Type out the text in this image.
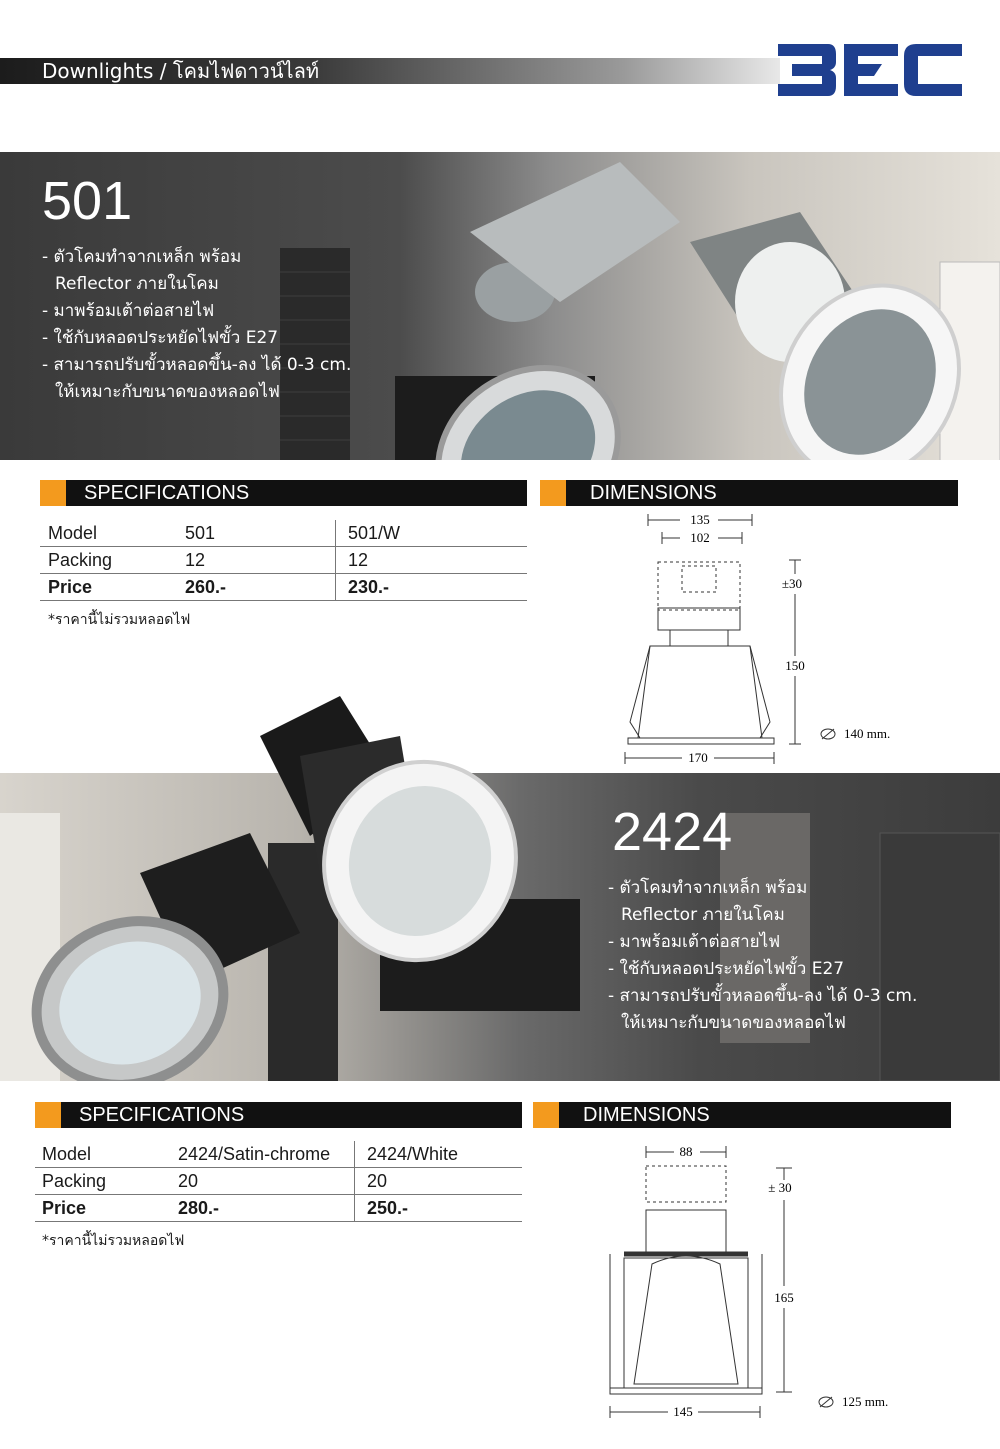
Downlights / โคมไฟดาวน์ไลท์
501
- ตัวโคมทำจากเหล็ก พร้อม
Reflector ภายในโคม
- มาพร้อมเต้าต่อสายไฟ
- ใช้กับหลอดประหยัดไฟขั้ว E27
- สามารถปรับขั้วหลอดขึ้น-ลง ได้ 0-3 cm.
ให้เหมาะกับขนาดของหลอดไฟ
SPECIFICATIONS	DIMENSIONS
Model	501	501/W
Packing	12	12
Price	260.-	230.-
*ราคานี้ไม่รวมหลอดไฟ
135
102
±30
150
170
140 mm.
2424
- ตัวโคมทำจากเหล็ก พร้อม
Reflector ภายในโคม
- มาพร้อมเต้าต่อสายไฟ
- ใช้กับหลอดประหยัดไฟขั้ว E27
- สามารถปรับขั้วหลอดขึ้น-ลง ได้ 0-3 cm.
ให้เหมาะกับขนาดของหลอดไฟ
SPECIFICATIONS	DIMENSIONS
Model	2424/Satin-chrome 2424/White
Packing	20	20
Price	280.-	250.-
*ราคานี้ไม่รวมหลอดไฟ
88
± 30
165
145
125 mm.
